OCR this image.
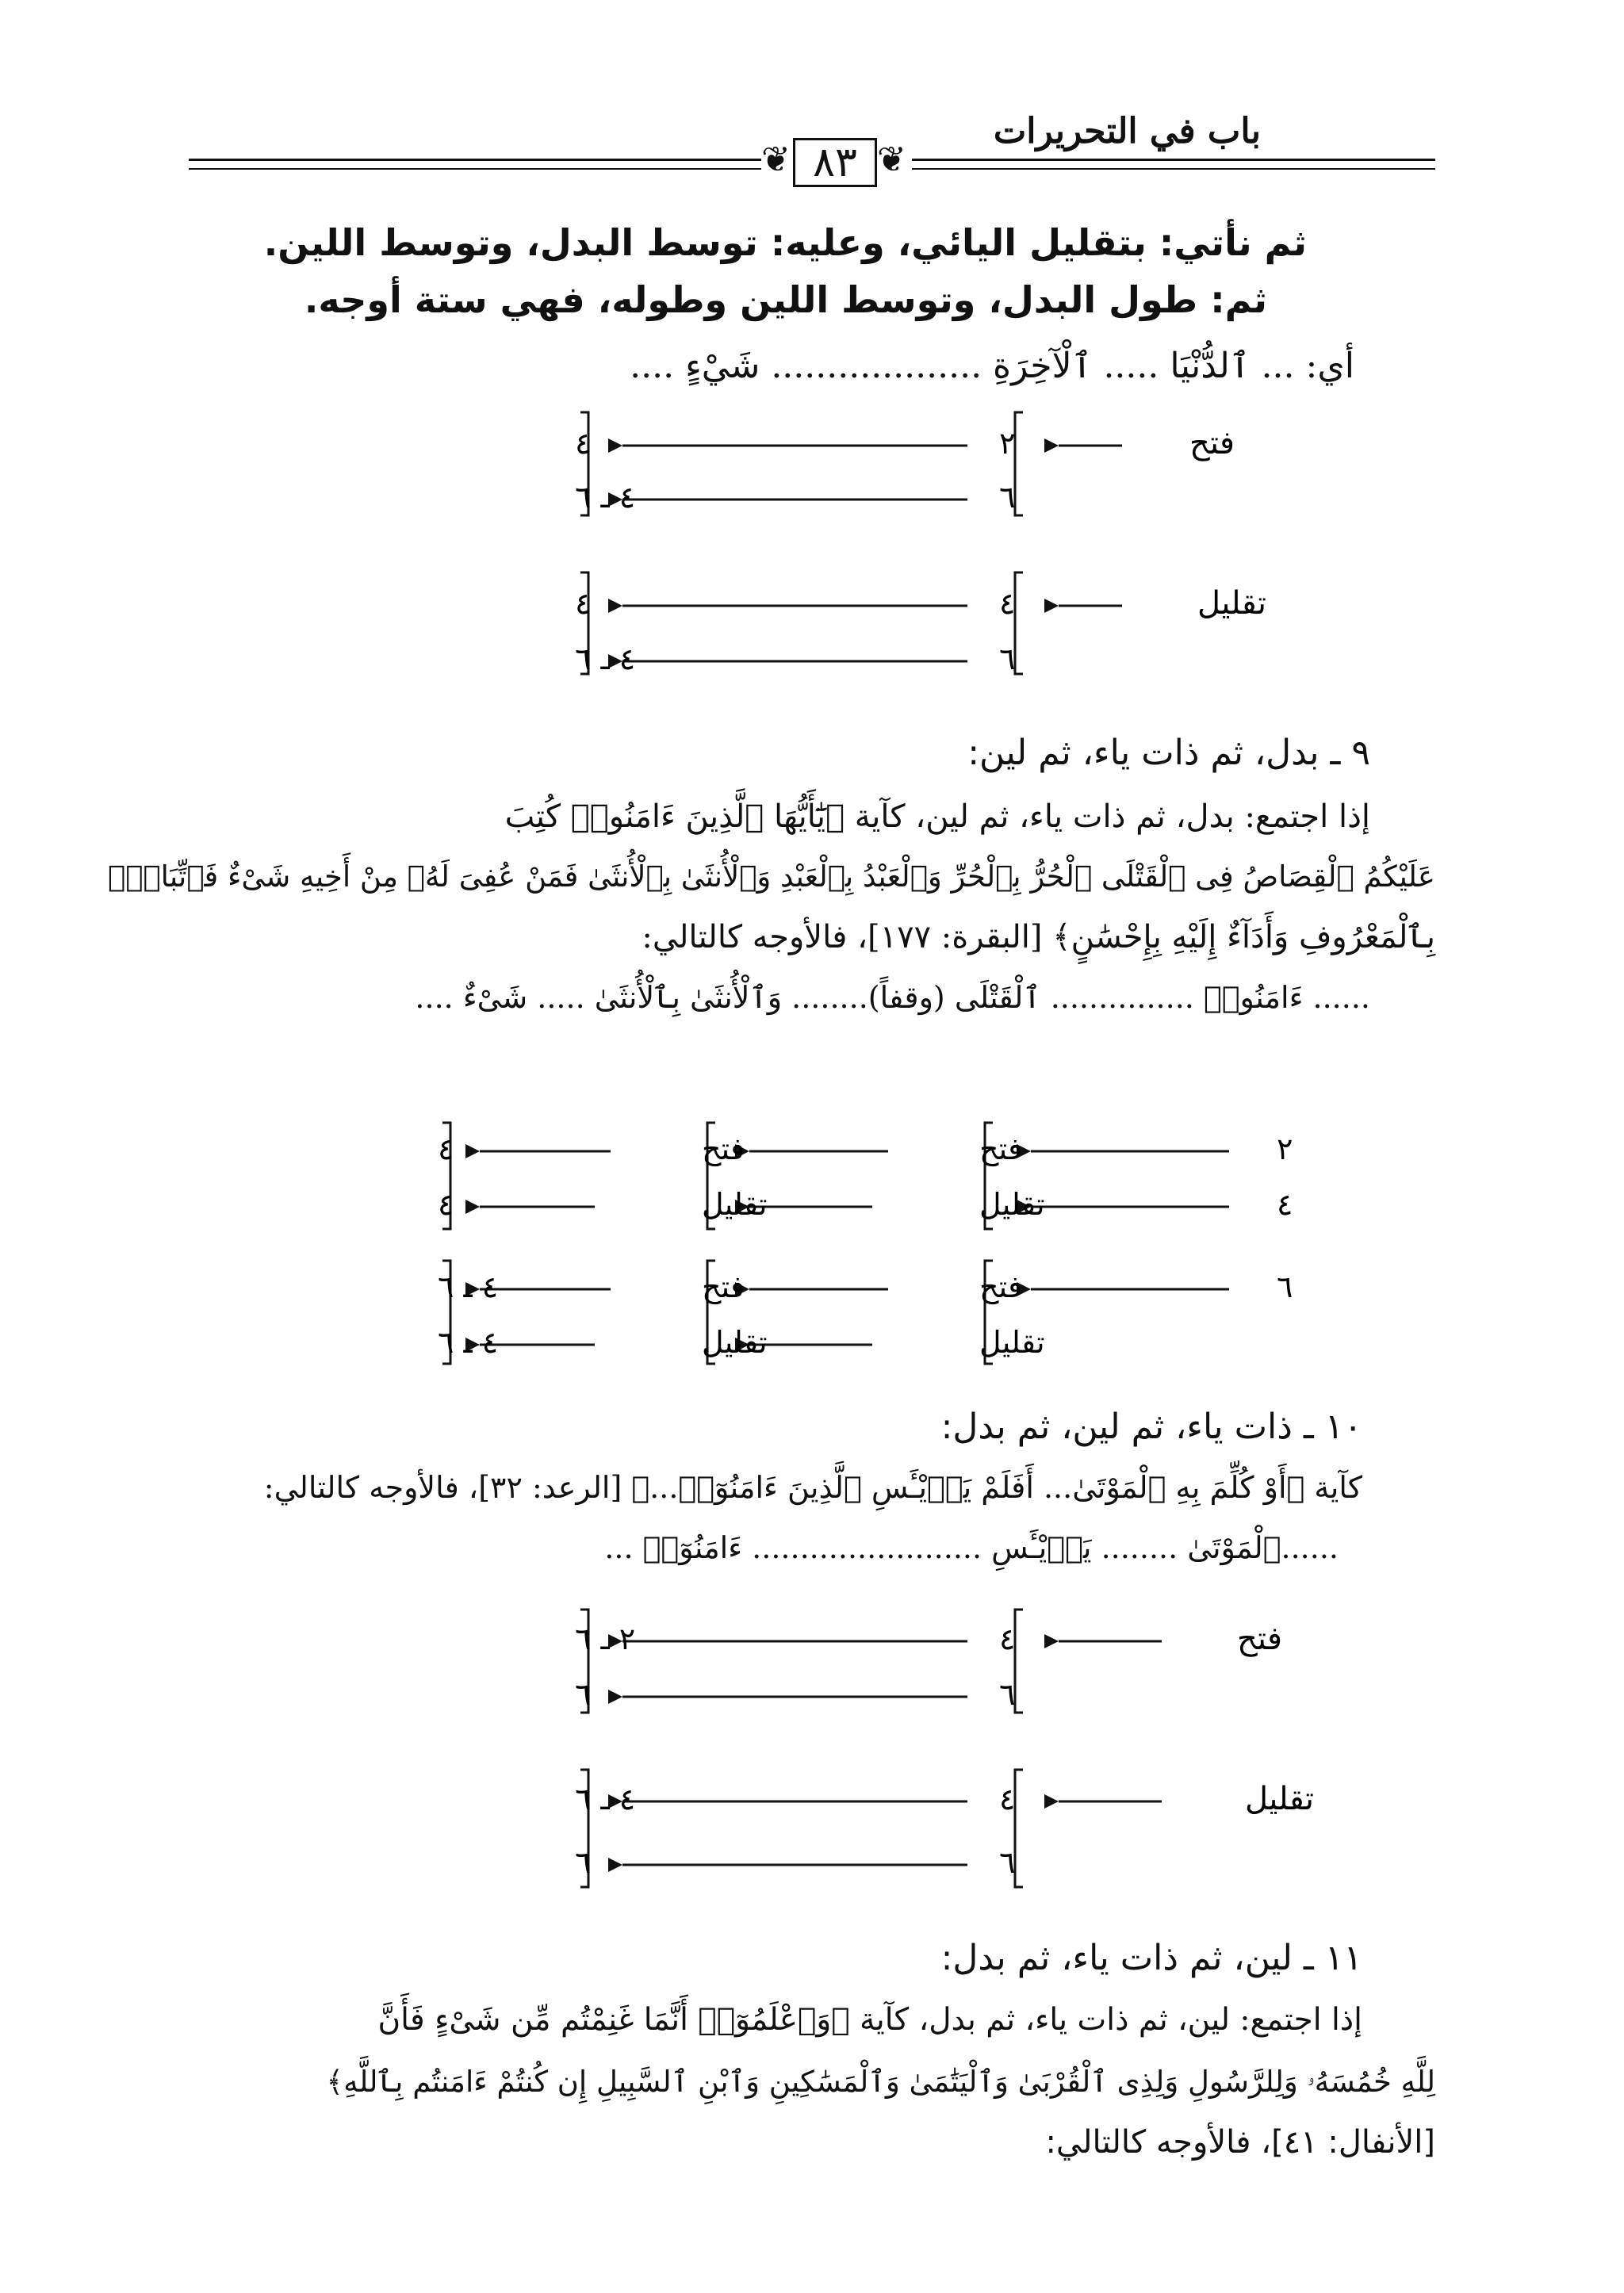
باب في التحريرات
❦ ❦
٨٣
ثم نأتي: بتقليل اليائي، وعليه: توسط البدل، وتوسط اللين.
ثم: طول البدل، وتوسط اللين وطوله، فهي ستة أوجه.
أي: ... ٱلدُّنْيَا ..... ٱلْآخِرَةِ ................... شَيْءٍ ....
فتح
٢
٤
٦
٤ ـ ٦
تقليل
٤
٤
٦
٤ ـ ٦
٩ ـ بدل، ثم ذات ياء، ثم لين:
إذا اجتمع: بدل، ثم ذات ياء، ثم لين، كآية ﴿يَٰٓأَيُّهَا ٱلَّذِينَ ءَامَنُوا۟ كُتِبَ
عَلَيْكُمُ ٱلْقِصَاصُ فِى ٱلْقَتْلَى ٱلْحُرُّ بِٱلْحُرِّ وَٱلْعَبْدُ بِٱلْعَبْدِ وَٱلْأُنثَىٰ بِٱلْأُنثَىٰ فَمَنْ عُفِىَ لَهُۥ مِنْ أَخِيهِ شَىْءٌ فَٱتِّبَاعٌۢ
بِٱلْمَعْرُوفِ وَأَدَآءٌ إِلَيْهِ بِإِحْسَٰنٍ﴾ [البقرة: ١٧٧]، فالأوجه كالتالي:
...... ءَامَنُوا۟ ............... ٱلْقَتْلَى (وقفاً)........ وَٱلْأُنثَىٰ بِٱلْأُنثَىٰ ..... شَىْءٌ ....
٢
٤
فتح
تقليل
فتح
تقليل
٤
٤
٦
فتح
تقليل
فتح
تقليل
٤ ـ ٦
٤ ـ ٦
١٠ ـ ذات ياء، ثم لين، ثم بدل:
كآية ﴿أَوْ كُلِّمَ بِهِ ٱلْمَوْتَىٰ... أَفَلَمْ يَا۟يْـَٔسِ ٱلَّذِينَ ءَامَنُوٓا۟...﴾ [الرعد: ٣٢]، فالأوجه كالتالي:
......ٱلْمَوْتَىٰ ........ يَا۟يْـَٔسِ ........................ ءَامَنُوٓا۟ ...
فتح
٤
٢ ـ ٦
٦
٦
تقليل
٤
٤ ـ ٦
٦
٦
١١ ـ لين، ثم ذات ياء، ثم بدل:
إذا اجتمع: لين، ثم ذات ياء، ثم بدل، كآية ﴿وَٱعْلَمُوٓا۟ أَنَّمَا غَنِمْتُم مِّن شَىْءٍ فَأَنَّ
لِلَّهِ خُمُسَهُۥ وَلِلرَّسُولِ وَلِذِى ٱلْقُرْبَىٰ وَٱلْيَتَٰمَىٰ وَٱلْمَسَٰكِينِ وَٱبْنِ ٱلسَّبِيلِ إِن كُنتُمْ ءَامَنتُم بِٱللَّهِ﴾
[الأنفال: ٤١]، فالأوجه كالتالي:
